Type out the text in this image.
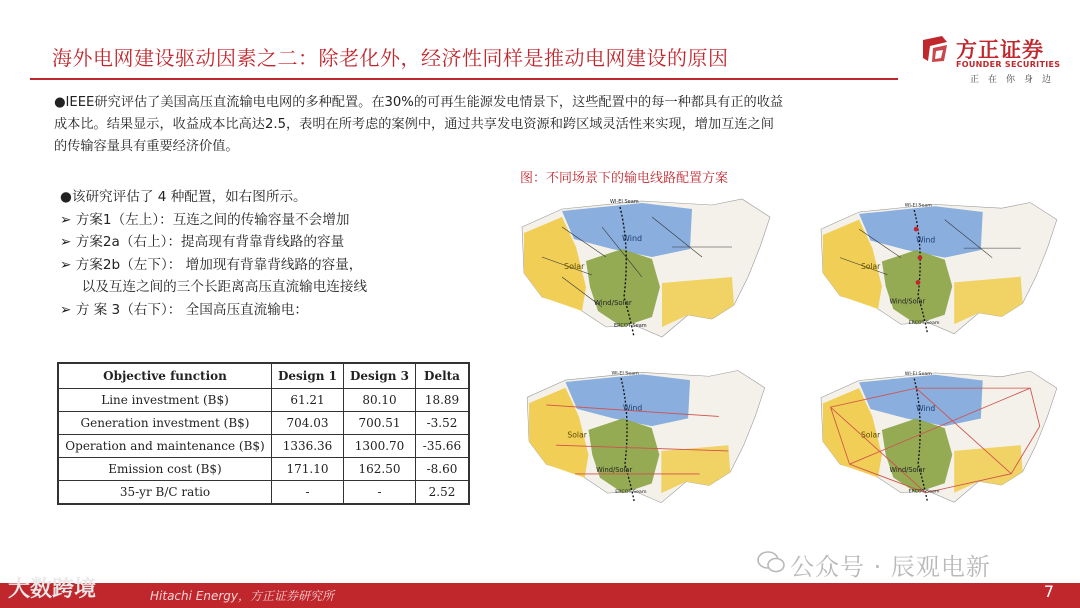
海外电网建设驱动因素之二：除老化外，经济性同样是推动电网建设的原因	方正证券
FOUNDER SECURITIES
正在你身边
●IEEE研究评估了美国高压直流输电电网的多种配置。在30%的可再生能源发电情景下，这些配置中的每一种都具有正的收益
成本比。结果显示，收益成本比高达2.5，表明在所考虑的案例中，通过共享发电资源和跨区域灵活性来实现，增加互连之间
的传输容量具有重要经济价值。
图：不同场景下的输电线路配置方案
●该研究评估了 4 种配置，如右图所示。
➢ 方案1（左上）：互连之间的传输容量不会增加
➢ 方案2a（右上）：提高现有背靠背线路的容量
➢ 方案2b（左下）： 增加现有背靠背线路的容量，
以及互连之间的三个长距离高压直流输电连接线
➢ 方 案 3（右下）： 全国高压直流输电：
Objective function	Design 1	Design 3	Delta
Line investment (B$)	61.21	80.10	18.89
Generation investment (B$)	704.03	700.51	-3.52
Operation and maintenance (B$)	1336.36	1300.70	-35.66
Emission cost (B$)	171.10	162.50	-8.60
35-yr B/C ratio	-	-	2.52
Wind
Solar
Wind/Solar
WI-EI Seam
ERCOT Seam
Wind
Solar
Wind/Solar
WI-EI Seam
ERCOT Seam
Wind
Solar
Wind/Solar
WI-EI Seam
ERCOT Seam
Wind
Solar
Wind/Solar
WI-EI Seam
ERCOT Seam
公众号 · 辰观电新
Hitachi Energy，方正证券研究所
大数跨境	7
